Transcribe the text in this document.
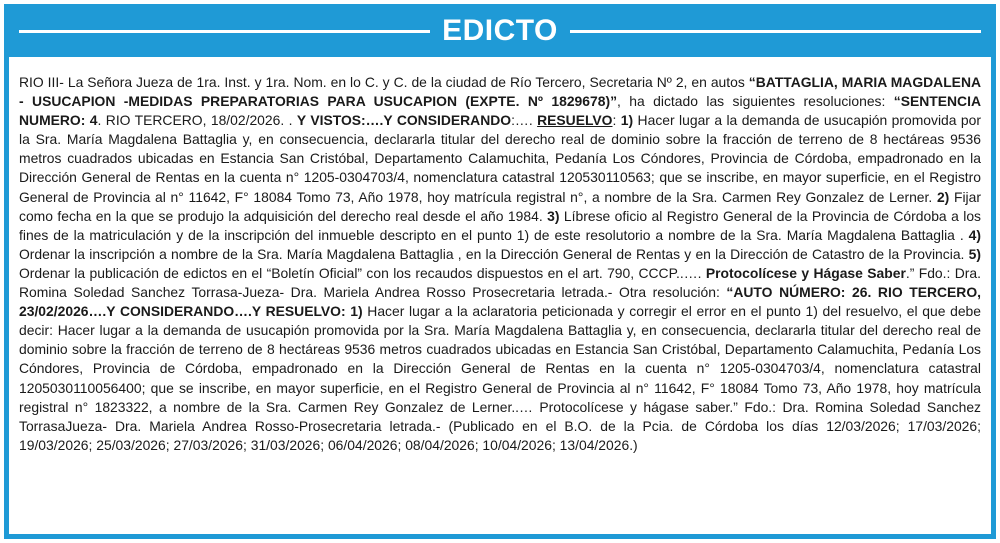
EDICTO
RIO III- La Señora Jueza de 1ra. Inst. y 1ra. Nom. en lo C. y C. de la ciudad de Río Tercero, Secretaria Nº 2, en autos “BATTAGLIA, MARIA MAGDALENA - USUCAPION -MEDIDAS PREPARATORIAS PARA USUCAPION (EXPTE. Nº 1829678)”, ha dictado las siguientes resoluciones: “SENTENCIA NUMERO: 4. RIO TERCERO, 18/02/2026. . Y VISTOS:….Y CONSIDERANDO:…. RESUELVO: 1) Hacer lugar a la demanda de usucapión promovida por la Sra. María Magdalena Battaglia y, en consecuencia, declararla titular del derecho real de dominio sobre la fracción de terreno de 8 hectáreas 9536 metros cuadrados ubicadas en Estancia San Cristóbal, Departamento Calamuchita, Pedanía Los Cóndores, Provincia de Córdoba, empadronado en la Dirección General de Rentas en la cuenta n° 1205-0304703/4, nomenclatura catastral 120530110563; que se inscribe, en mayor superficie, en el Registro General de Provincia al n° 11642, F° 18084 Tomo 73, Año 1978, hoy matrícula registral n°, a nombre de la Sra. Carmen Rey Gonzalez de Lerner. 2) Fijar como fecha en la que se produjo la adquisición del derecho real desde el año 1984. 3) Líbrese oficio al Registro General de la Provincia de Córdoba a los fines de la matriculación y de la inscripción del inmueble descripto en el punto 1) de este resolutorio a nombre de la Sra. María Magdalena Battaglia . 4) Ordenar la inscripción a nombre de la Sra. María Magdalena Battaglia , en la Dirección General de Rentas y en la Dirección de Catastro de la Provincia. 5) Ordenar la publicación de edictos en el “Boletín Oficial” con los recaudos dispuestos en el art. 790, CCCP..…. Protocolícese y Hágase Saber.” Fdo.: Dra. Romina Soledad Sanchez Torrasa-Jueza- Dra. Mariela Andrea Rosso Prosecretaria letrada.- Otra resolución: “AUTO NÚMERO: 26. RIO TERCERO, 23/02/2026….Y CONSIDERANDO….Y RESUELVO: 1) Hacer lugar a la aclaratoria peticionada y corregir el error en el punto 1) del resuelvo, el que debe decir: Hacer lugar a la demanda de usucapión promovida por la Sra. María Magdalena Battaglia y, en consecuencia, declararla titular del derecho real de dominio sobre la fracción de terreno de 8 hectáreas 9536 metros cuadrados ubicadas en Estancia San Cristóbal, Departamento Calamuchita, Pedanía Los Cóndores, Provincia de Córdoba, empadronado en la Dirección General de Rentas en la cuenta n° 1205-0304703/4, nomenclatura catastral 1205030110056400; que se inscribe, en mayor superficie, en el Registro General de Provincia al n° 11642, F° 18084 Tomo 73, Año 1978, hoy matrícula registral n° 1823322, a nombre de la Sra. Carmen Rey Gonzalez de Lerner..… Protocolícese y hágase saber.” Fdo.: Dra. Romina Soledad Sanchez TorrasaJueza- Dra. Mariela Andrea Rosso-Prosecretaria letrada.- (Publicado en el B.O. de la Pcia. de Córdoba los días 12/03/2026; 17/03/2026; 19/03/2026; 25/03/2026; 27/03/2026; 31/03/2026; 06/04/2026; 08/04/2026; 10/04/2026; 13/04/2026.)
